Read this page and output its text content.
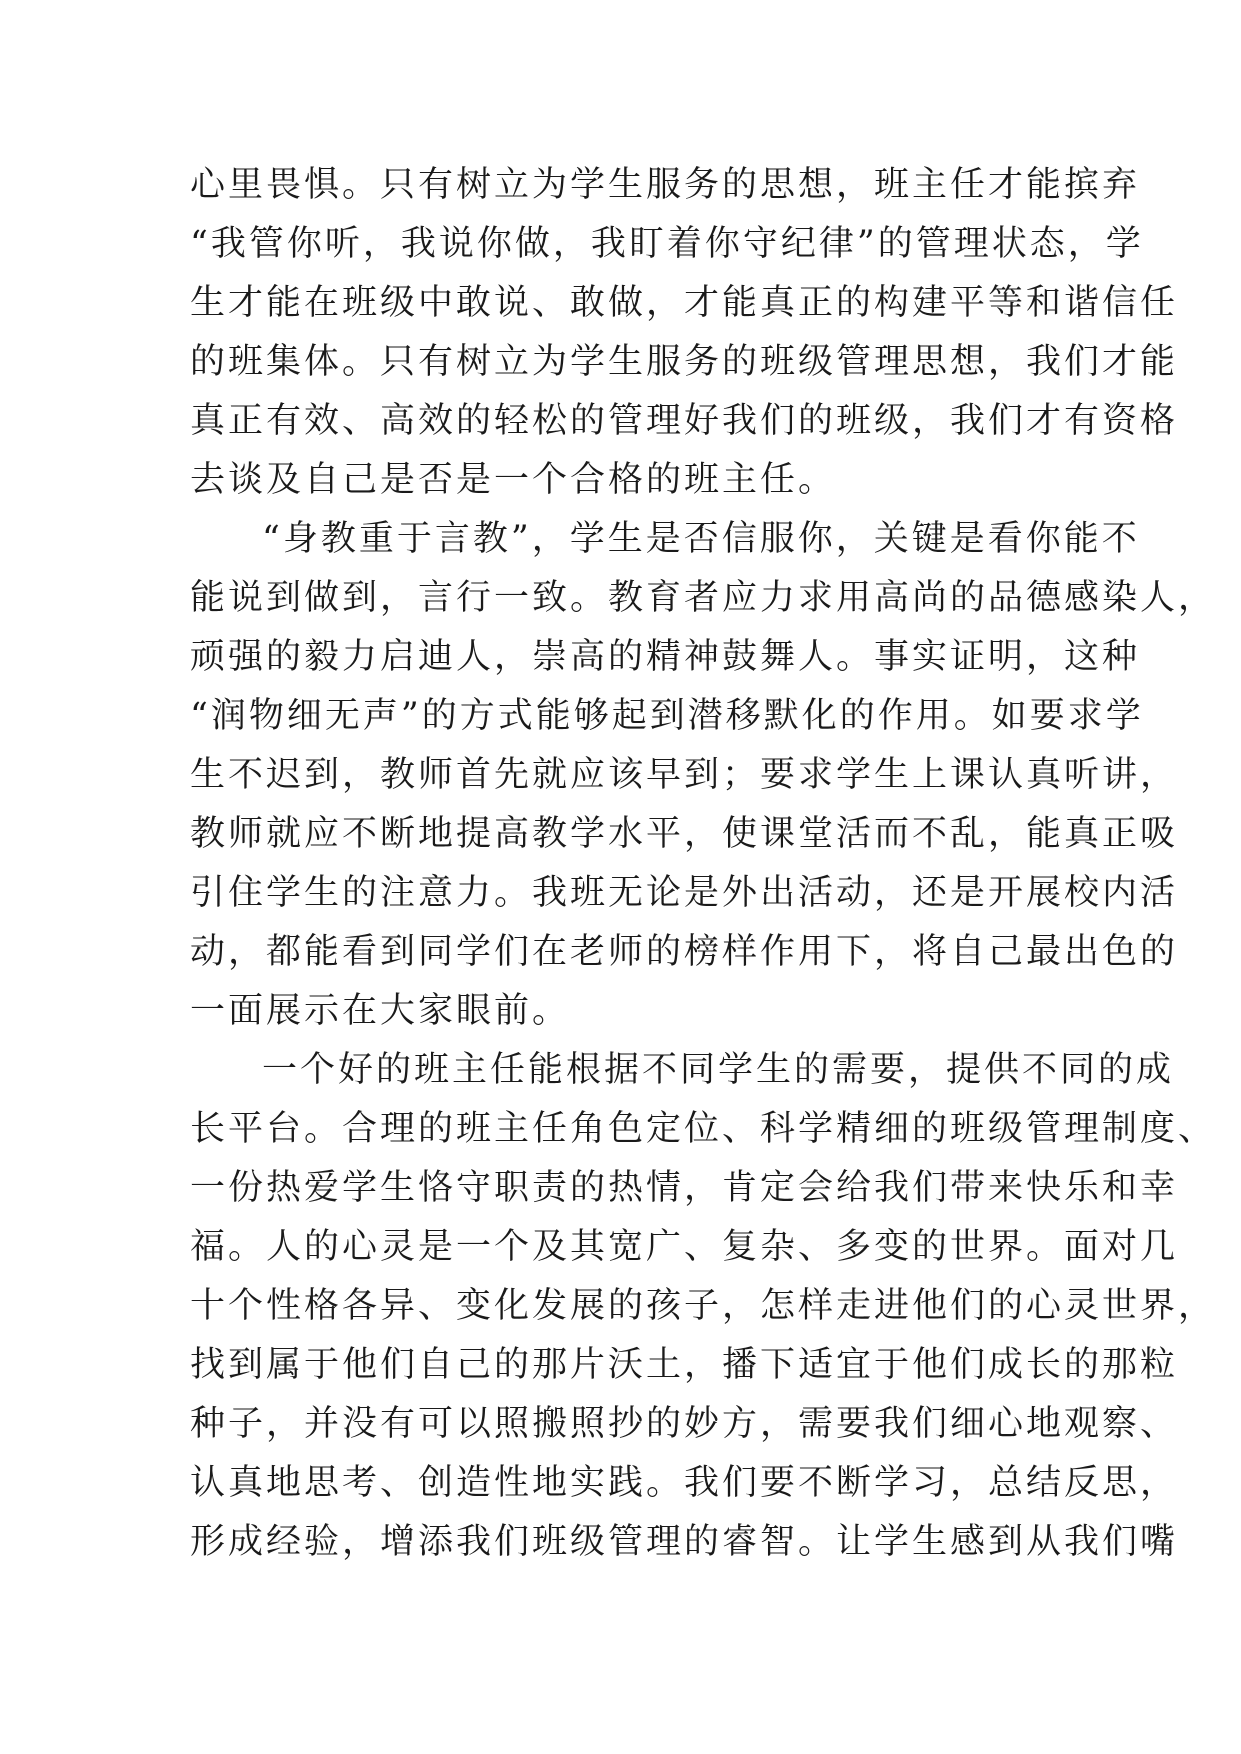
心里畏惧。只有树立为学生服务的思想，班主任才能摈弃
“我管你听，我说你做，我盯着你守纪律”的管理状态，学
生才能在班级中敢说、敢做，才能真正的构建平等和谐信任
的班集体。只有树立为学生服务的班级管理思想，我们才能
真正有效、高效的轻松的管理好我们的班级，我们才有资格
去谈及自己是否是一个合格的班主任。
“身教重于言教”，学生是否信服你，关键是看你能不
能说到做到，言行一致。教育者应力求用高尚的品德感染人，
顽强的毅力启迪人，崇高的精神鼓舞人。事实证明，这种
“润物细无声”的方式能够起到潜移默化的作用。如要求学
生不迟到，教师首先就应该早到；要求学生上课认真听讲，
教师就应不断地提高教学水平，使课堂活而不乱，能真正吸
引住学生的注意力。我班无论是外出活动，还是开展校内活
动，都能看到同学们在老师的榜样作用下，将自己最出色的
一面展示在大家眼前。
一个好的班主任能根据不同学生的需要，提供不同的成
长平台。合理的班主任角色定位、科学精细的班级管理制度、
一份热爱学生恪守职责的热情，肯定会给我们带来快乐和幸
福。人的心灵是一个及其宽广、复杂、多变的世界。面对几
十个性格各异、变化发展的孩子，怎样走进他们的心灵世界，
找到属于他们自己的那片沃土，播下适宜于他们成长的那粒
种子，并没有可以照搬照抄的妙方，需要我们细心地观察、
认真地思考、创造性地实践。我们要不断学习，总结反思，
形成经验，增添我们班级管理的睿智。让学生感到从我们嘴
